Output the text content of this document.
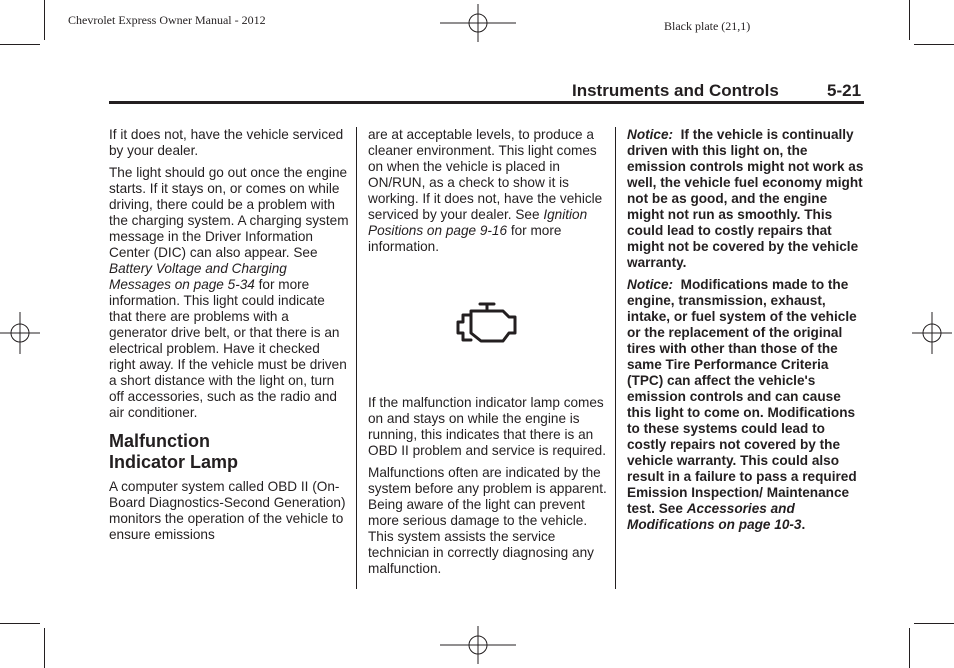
Chevrolet Express Owner Manual - 2012	Black plate (21,1)
Instruments and Controls	5-21

If it does not, have the vehicle serviced by your dealer.

The light should go out once the engine starts. If it stays on, or comes on while driving, there could be a problem with the charging system. A charging system message in the Driver Information Center (DIC) can also appear. See Battery Voltage and Charging Messages on page 5-34 for more information. This light could indicate that there are problems with a generator drive belt, or that there is an electrical problem. Have it checked right away. If the vehicle must be driven a short distance with the light on, turn off accessories, such as the radio and air conditioner.

Malfunction
Indicator Lamp

A computer system called OBD II (On-Board Diagnostics-Second Generation) monitors the operation of the vehicle to ensure emissions

are at acceptable levels, to produce a cleaner environment. This light comes on when the vehicle is placed in ON/RUN, as a check to show it is working. If it does not, have the vehicle serviced by your dealer. See Ignition Positions on page 9-16 for more information.

If the malfunction indicator lamp comes on and stays on while the engine is running, this indicates that there is an OBD II problem and service is required.

Malfunctions often are indicated by the system before any problem is apparent. Being aware of the light can prevent more serious damage to the vehicle. This system assists the service technician in correctly diagnosing any malfunction.

Notice:  If the vehicle is continually driven with this light on, the emission controls might not work as well, the vehicle fuel economy might not be as good, and the engine might not run as smoothly. This could lead to costly repairs that might not be covered by the vehicle warranty.

Notice:  Modifications made to the engine, transmission, exhaust, intake, or fuel system of the vehicle or the replacement of the original tires with other than those of the same Tire Performance Criteria (TPC) can affect the vehicle's emission controls and can cause this light to come on. Modifications to these systems could lead to costly repairs not covered by the vehicle warranty. This could also result in a failure to pass a required Emission Inspection/ Maintenance test. See Accessories and Modifications on page 10-3.
